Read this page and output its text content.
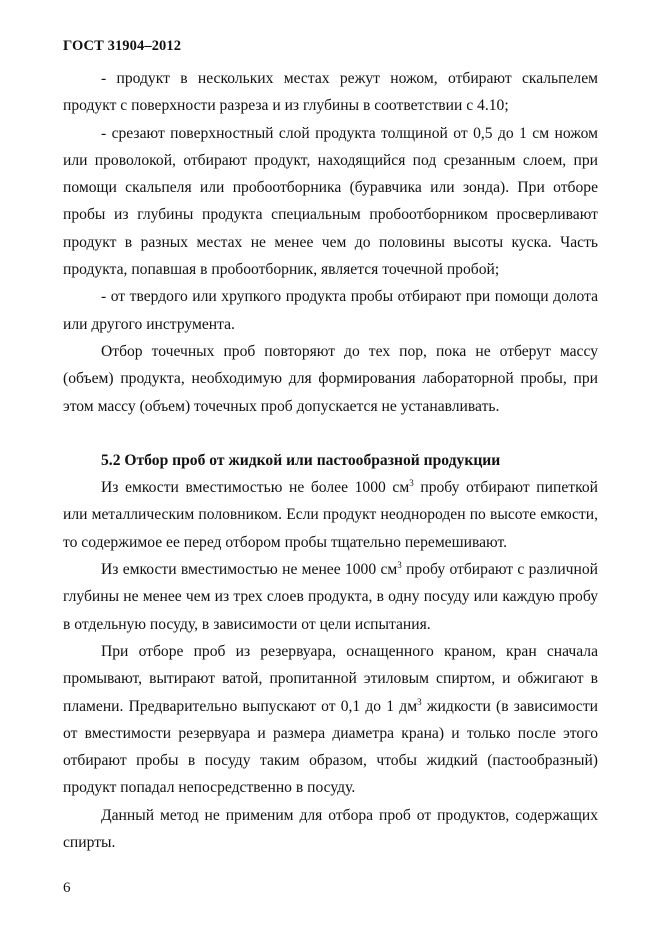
ГОСТ 31904–2012

- продукт в нескольких местах режут ножом, отбирают скальпелем продукт с поверхности разреза и из глубины в соответствии с 4.10;

- срезают поверхностный слой продукта толщиной от 0,5 до 1 см ножом или проволокой, отбирают продукт, находящийся под срезанным слоем, при помощи скальпеля или пробоотборника (буравчика или зонда). При отборе пробы из глубины продукта специальным пробоотборником просверливают продукт в разных местах не менее чем до половины высоты куска. Часть продукта, попавшая в пробоотборник, является точечной пробой;

- от твердого или хрупкого продукта пробы отбирают при помощи долота или другого инструмента.

Отбор точечных проб повторяют до тех пор, пока не отберут массу (объем) продукта, необходимую для формирования лабораторной пробы, при этом массу (объем) точечных проб допускается не устанавливать.

5.2 Отбор проб от жидкой или пастообразной продукции

Из емкости вместимостью не более 1000 $см^3$ пробу отбирают пипеткой или металлическим половником. Если продукт неоднороден по высоте емкости, то содержимое ее перед отбором пробы тщательно перемешивают.

Из емкости вместимостью не менее 1000 $см^3$ пробу отбирают с различной глубины не менее чем из трех слоев продукта, в одну посуду или каждую пробу в отдельную посуду, в зависимости от цели испытания.

При отборе проб из резервуара, оснащенного краном, кран сначала промывают, вытирают ватой, пропитанной этиловым спиртом, и обжигают в пламени. Предварительно выпускают от 0,1 до 1 $дм^3$ жидкости (в зависимости от вместимости резервуара и размера диаметра крана) и только после этого отбирают пробы в посуду таким образом, чтобы жидкий (пастообразный) продукт попадал непосредственно в посуду.

Данный метод не применим для отбора проб от продуктов, содержащих спирты.

6
